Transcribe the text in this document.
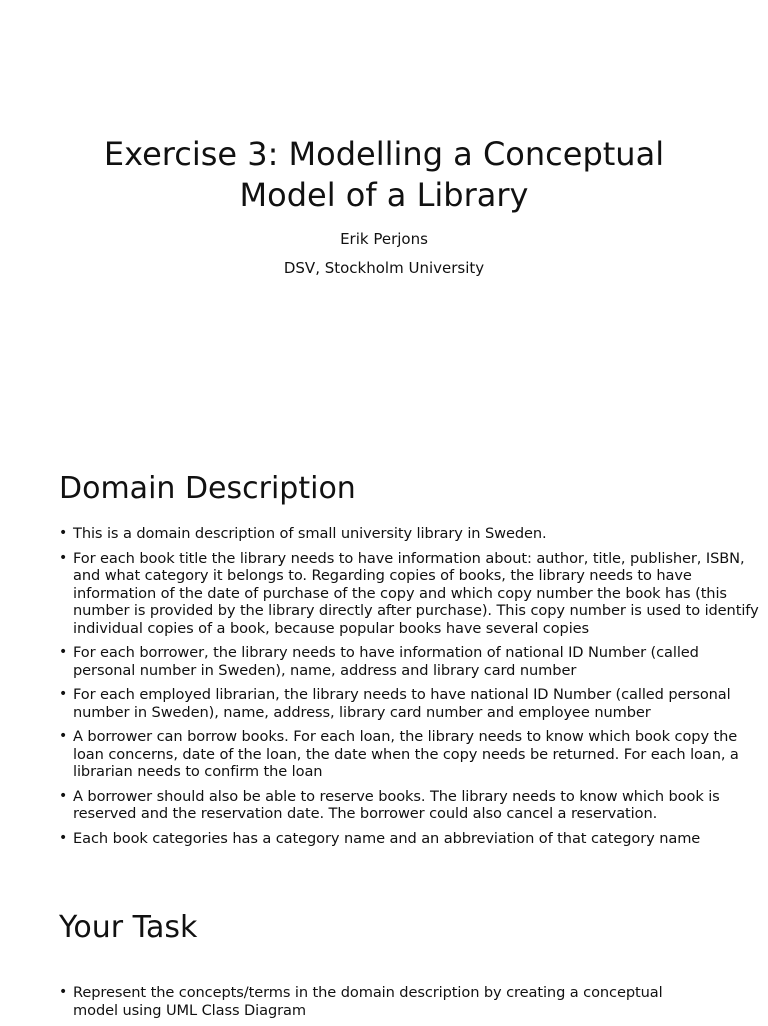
Exercise 3: Modelling a Conceptual
Model of a Library
Erik Perjons
DSV, Stockholm University
Domain Description
• This is a domain description of small university library in Sweden.
• For each book title the library needs to have information about: author, title, publisher, ISBN,
and what category it belongs to. Regarding copies of books, the library needs to have
information of the date of purchase of the copy and which copy number the book has (this
number is provided by the library directly after purchase). This copy number is used to identify
individual copies of a book, because popular books have several copies
• For each borrower, the library needs to have information of national ID Number (called
personal number in Sweden), name, address and library card number
• For each employed librarian, the library needs to have national ID Number (called personal
number in Sweden), name, address, library card number and employee number
• A borrower can borrow books. For each loan, the library needs to know which book copy the
loan concerns, date of the loan, the date when the copy needs be returned. For each loan, a
librarian needs to confirm the loan
• A borrower should also be able to reserve books. The library needs to know which book is
reserved and the reservation date. The borrower could also cancel a reservation.
• Each book categories has a category name and an abbreviation of that category name
Your Task
• Represent the concepts/terms in the domain description by creating a conceptual
model using UML Class Diagram
